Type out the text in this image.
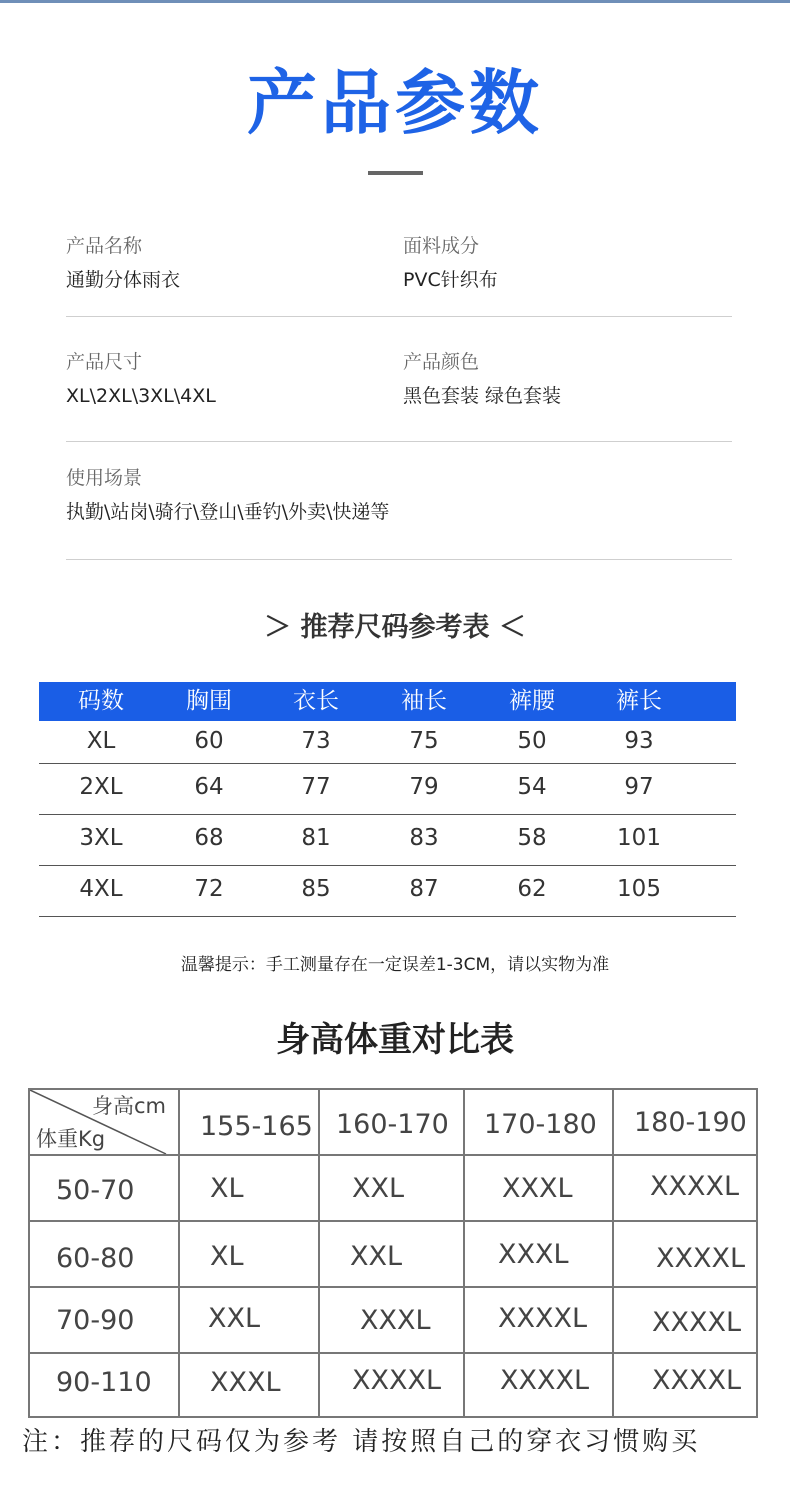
产品参数
产品名称
通勤分体雨衣
面料成分
PVC针织布
产品尺寸
XL\2XL\3XL\4XL
产品颜色
黑色套装 绿色套装
使用场景
执勤\站岗\骑行\登山\垂钓\外卖\快递等
＞ 推荐尺码参考表 ＜
码数	胸围	衣长	袖长	裤腰	裤长
XL	60	73	75	50	93
2XL	64	77	79	54	97
3XL	68	81	83	58	101
4XL	72	85	87	62	105
温馨提示：手工测量存在一定误差1-3CM，请以实物为准
身高体重对比表
身高cm
体重Kg	155-165 160-170 170-180 180-190
50-70	XL	XXL	XXXL	XXXXL
60-80	XL	XXL	XXXL	XXXXL
70-90	XXL	XXXL XXXXL XXXXL
90-110 XXXL	XXXXL XXXXL XXXXL
注：推荐的尺码仅为参考 请按照自己的穿衣习惯购买
